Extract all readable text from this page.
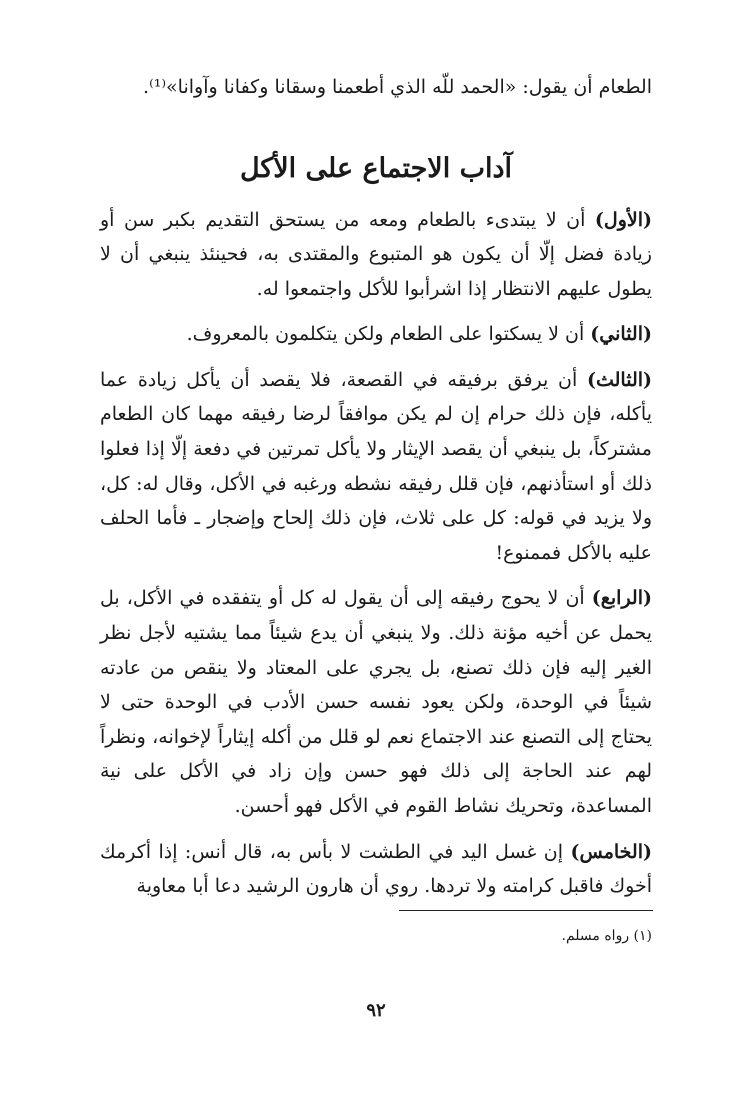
الطعام أن يقول: «الحمد للّه الذي أطعمنا وسقانا وكفانا وآوانا»⁽¹⁾.

آداب الاجتماع على الأكل

(الأول) أن لا يبتدىء بالطعام ومعه من يستحق التقديم بكبر سن أو زيادة فضل إلّا أن يكون هو المتبوع والمقتدى به، فحينئذ ينبغي أن لا يطول عليهم الانتظار إذا اشرأبوا للأكل واجتمعوا له.

(الثاني) أن لا يسكتوا على الطعام ولكن يتكلمون بالمعروف.

(الثالث) أن يرفق برفيقه في القصعة، فلا يقصد أن يأكل زيادة عما يأكله، فإن ذلك حرام إن لم يكن موافقاً لرضا رفيقه مهما كان الطعام مشتركاً، بل ينبغي أن يقصد الإيثار ولا يأكل تمرتين في دفعة إلّا إذا فعلوا ذلك أو استأذنهم، فإن قلل رفيقه نشطه ورغبه في الأكل، وقال له: كل، ولا يزيد في قوله: كل على ثلاث، فإن ذلك إلحاح وإضجار ـ فأما الحلف عليه بالأكل فممنوع!

(الرابع) أن لا يحوج رفيقه إلى أن يقول له كل أو يتفقده في الأكل، بل يحمل عن أخيه مؤنة ذلك. ولا ينبغي أن يدع شيئاً مما يشتيه لأجل نظر الغير إليه فإن ذلك تصنع، بل يجري على المعتاد ولا ينقص من عادته شيئاً في الوحدة، ولكن يعود نفسه حسن الأدب في الوحدة حتى لا يحتاج إلى التصنع عند الاجتماع نعم لو قلل من أكله إيثاراً لإخوانه، ونظراً لهم عند الحاجة إلى ذلك فهو حسن وإن زاد في الأكل على نية المساعدة، وتحريك نشاط القوم في الأكل فهو أحسن.

(الخامس) إن غسل اليد في الطشت لا بأس به، قال أنس: إذا أكرمك أخوك فاقبل كرامته ولا تردها. روي أن هارون الرشيد دعا أبا معاوية

(١) رواه مسلم.
٩٢
